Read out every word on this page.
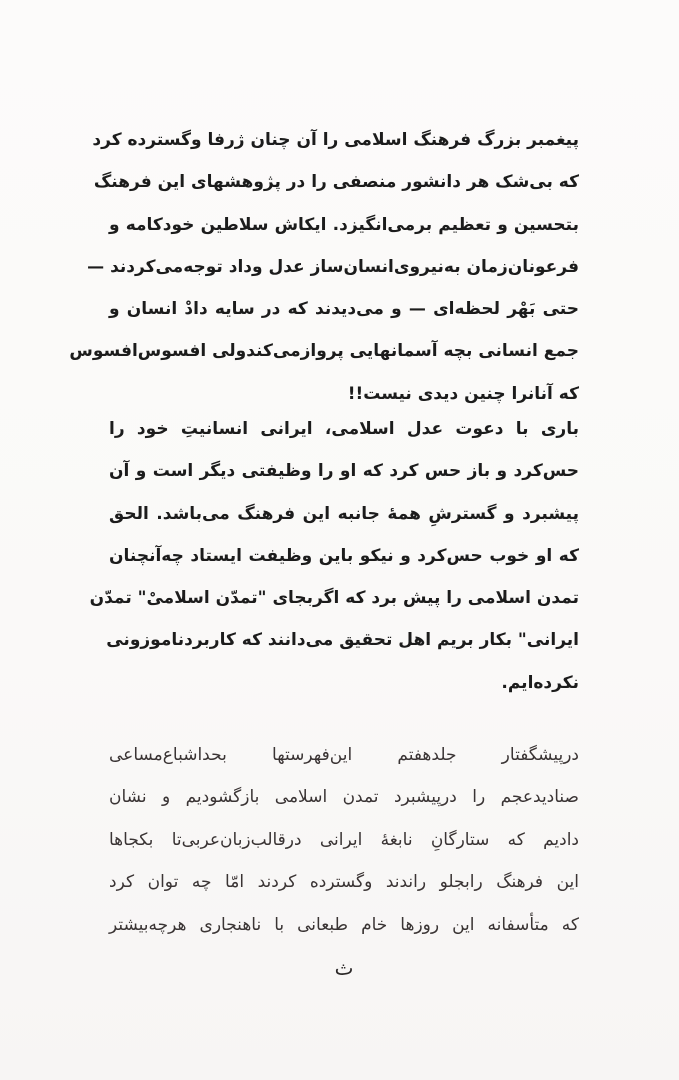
پیغمبر بزرگ فرهنگ اسلامی را آن چنان ژرفا وگسترده کرد
که بی‌شک هر دانشور منصفی را در پژوهشهای این فرهنگ
بتحسین و تعظیم برمی‌انگیزد. ایکاش سلاطین خودکامه و
فرعونان‌زمان به‌نیروی‌انسان‌ساز عدل وداد توجه‌می‌کردند —
حتی بَهْر لحظه‌ای — و می‌دیدند که در سایه دادْ انسان و
جمع انسانی بچه آسمانهایی پروازمی‌کندولی افسوس‌افسوس
که آنانرا چنین دیدی نیست!!
باری با دعوت عدل اسلامی، ایرانی انسانیتِ خود را
حس‌کرد و باز حس کرد که او را وظیفتی دیگر است و آن
پیشبرد و گسترشِ همهٔ جانبه این فرهنگ می‌باشد. الحق
که او خوب حس‌کرد و نیکو باین وظیفت ایستاد چه‌آنچنان
تمدن اسلامی را پیش برد که اگربجای "تمدّن اسلامیْ" تمدّن
ایرانی" بکار بریم اهل تحقیق می‌دانند که کاربردناموزونی
نکرده‌ایم.
درپیشگفتار جلدهفتم این‌فهرستها بحداشباع‌مساعی
صنادیدعجم را درپیشبرد تمدن اسلامی بازگشودیم و نشان
دادیم که ستارگانِ نابغهٔ ایرانی درقالب‌زبان‌عربی‌تا بکجاها
این فرهنگ رابجلو راندند وگسترده کردند امّا چه توان کرد
که متأسفانه این روزها خام طبعانی با ناهنجاری هرچه‌بیشتر
ث
